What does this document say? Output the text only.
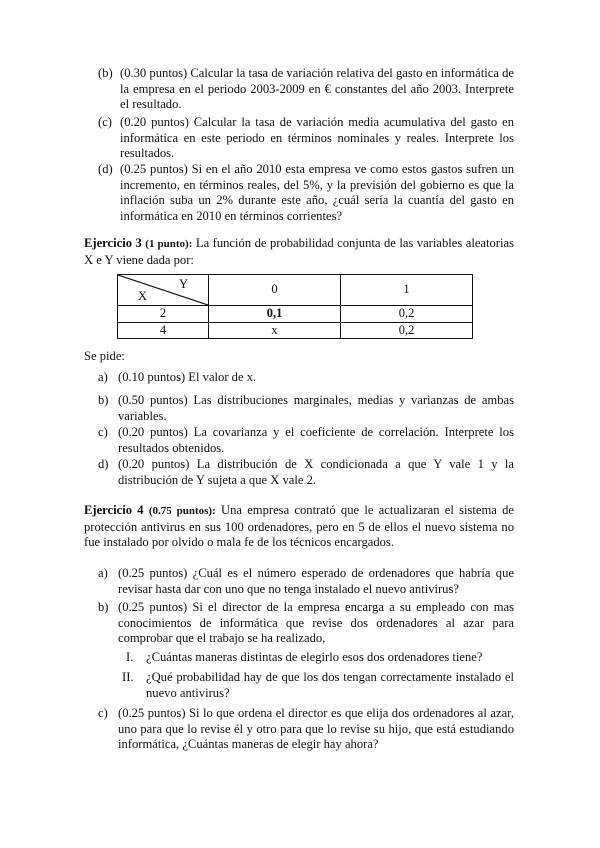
(b) (0.30 puntos) Calcular la tasa de variación relativa del gasto en informática de la empresa en el periodo 2003-2009 en € constantes del año 2003. Interprete el resultado.
(c) (0.20 puntos) Calcular la tasa de variación media acumulativa del gasto en informática en este periodo en términos nominales y reales. Interprete los resultados.
(d) (0.25 puntos) Si en el año 2010 esta empresa ve como estos gastos sufren un incremento, en términos reales, del 5%, y la previsión del gobierno es que la inflación suba un 2% durante este año, ¿cuál sería la cuantía del gasto en informática en 2010 en términos corrientes?
Ejercicio 3 (1 punto): La función de probabilidad conjunta de las variables aleatorias X e Y viene dada por:
Y
X	0	1
2	0,1	0,2
4	x	0,2
Se pide:
a) (0.10 puntos) El valor de x.
b) (0.50 puntos) Las distribuciones marginales, medias y varianzas de ambas variables.
c) (0.20 puntos) La covarianza y el coeficiente de correlación. Interprete los resultados obtenidos.
d) (0.20 puntos) La distribución de X condicionada a que Y vale 1 y la distribución de Y sujeta a que X vale 2.
Ejercicio 4 (0.75 puntos): Una empresa contrató que le actualizaran el sistema de protección antivirus en sus 100 ordenadores, pero en 5 de ellos el nuevo sistema no fue instalado por olvido o mala fe de los técnicos encargados.
a) (0.25 puntos) ¿Cuál es el número esperado de ordenadores que habría que revisar hasta dar con uno que no tenga instalado el nuevo antivirus?
b) (0.25 puntos) Si el director de la empresa encarga a su empleado con mas conocimientos de informática que revise dos ordenadores al azar para comprobar que el trabajo se ha realizado,
I.	¿Cuántas maneras distintas de elegirlo esos dos ordenadores tiene?
II. ¿Qué probabilidad hay de que los dos tengan correctamente instalado el nuevo antivirus?
c) (0.25 puntos) Si lo que ordena el director es que elija dos ordenadores al azar, uno para que lo revise él y otro para que lo revise su hijo, que está estudiando informática, ¿Cuántas maneras de elegir hay ahora?
